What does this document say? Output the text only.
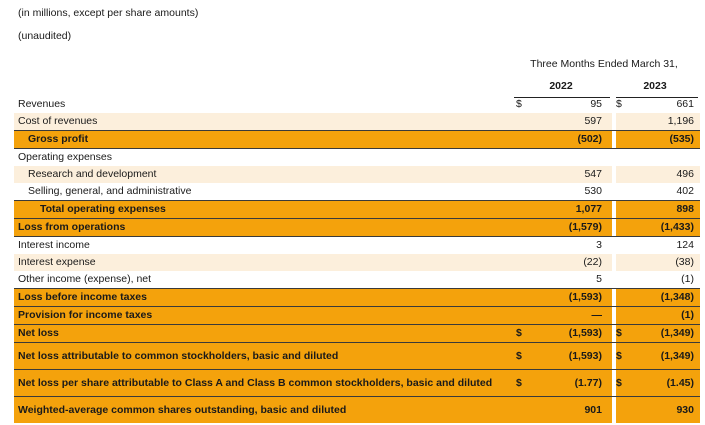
(in millions, except per share amounts)
(unaudited)
Three Months Ended March 31,
2022	2023
Revenues	$	95		$	661
Cost of revenues		597			1,196
Gross profit		(502)			(535)
Operating expenses					
Research and development		547			496
Selling, general, and administrative		530			402
Total operating expenses		1,077			898
Loss from operations		(1,579)			(1,433)
Interest income		3			124
Interest expense		(22)			(38)
Other income (expense), net		5			(1)
Loss before income taxes		(1,593)			(1,348)
Provision for income taxes		—			(1)
Net loss	$	(1,593)		$	(1,349)
Net loss attributable to common stockholders, basic and diluted	$	(1,593)		$	(1,349)
Net loss per share attributable to Class A and Class B common stockholders, basic and diluted	$	(1.77)		$	(1.45)
Weighted-average common shares outstanding, basic and diluted		901			930
